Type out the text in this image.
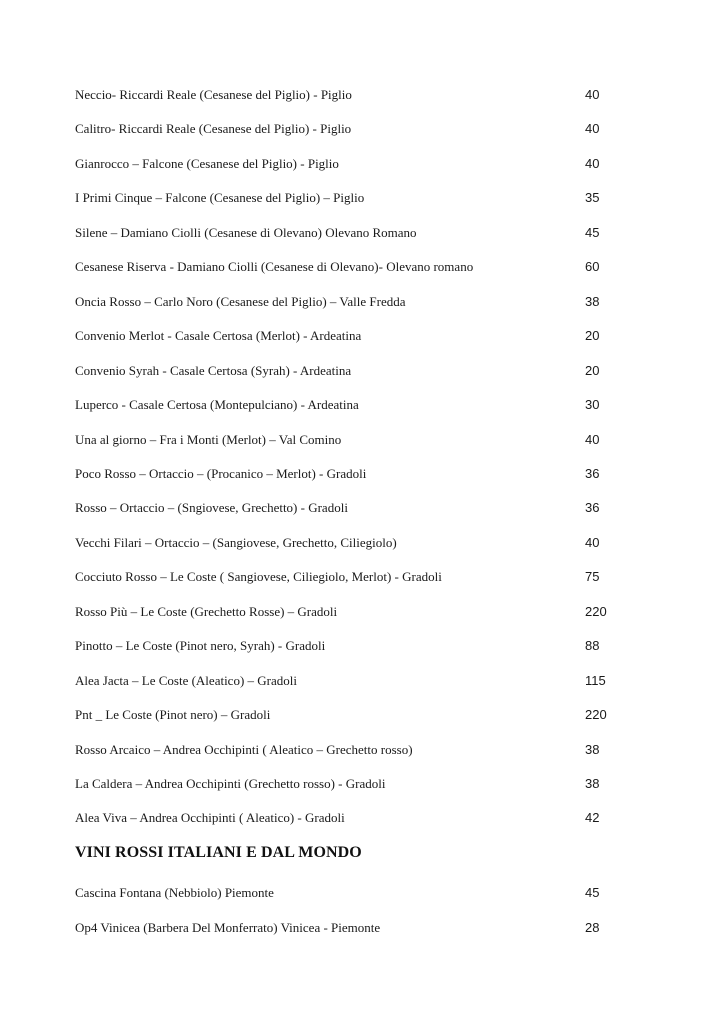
Neccio- Riccardi Reale (Cesanese del Piglio) - Piglio	40
Calitro- Riccardi Reale (Cesanese del Piglio) - Piglio	40
Gianrocco – Falcone (Cesanese del Piglio) - Piglio	40
I Primi Cinque – Falcone (Cesanese del Piglio) – Piglio	35
Silene – Damiano Ciolli (Cesanese di Olevano) Olevano Romano	45
Cesanese Riserva - Damiano Ciolli (Cesanese di Olevano)- Olevano romano	60
Oncia Rosso – Carlo Noro (Cesanese del Piglio) – Valle Fredda	38
Convenio Merlot - Casale Certosa (Merlot) - Ardeatina	20
Convenio Syrah - Casale Certosa (Syrah) - Ardeatina	20
Luperco - Casale Certosa (Montepulciano) - Ardeatina	30
Una al giorno – Fra i Monti (Merlot) – Val Comino	40
Poco Rosso – Ortaccio – (Procanico – Merlot) - Gradoli	36
Rosso – Ortaccio – (Sngiovese, Grechetto) - Gradoli	36
Vecchi Filari – Ortaccio – (Sangiovese, Grechetto, Ciliegiolo)	40
Cocciuto Rosso – Le Coste ( Sangiovese, Ciliegiolo, Merlot) - Gradoli	75
Rosso Più – Le Coste (Grechetto Rosse) – Gradoli	220
Pinotto – Le Coste (Pinot nero, Syrah) - Gradoli	88
Alea Jacta – Le Coste (Aleatico) – Gradoli	115
Pnt _ Le Coste (Pinot nero) – Gradoli	220
Rosso Arcaico – Andrea Occhipinti ( Aleatico – Grechetto rosso)	38
La Caldera – Andrea Occhipinti (Grechetto rosso) - Gradoli	38
Alea Viva – Andrea Occhipinti ( Aleatico) - Gradoli	42
VINI ROSSI ITALIANI E DAL MONDO
Cascina Fontana (Nebbiolo) Piemonte	45
Op4 Vinicea (Barbera Del Monferrato) Vinicea - Piemonte	28
